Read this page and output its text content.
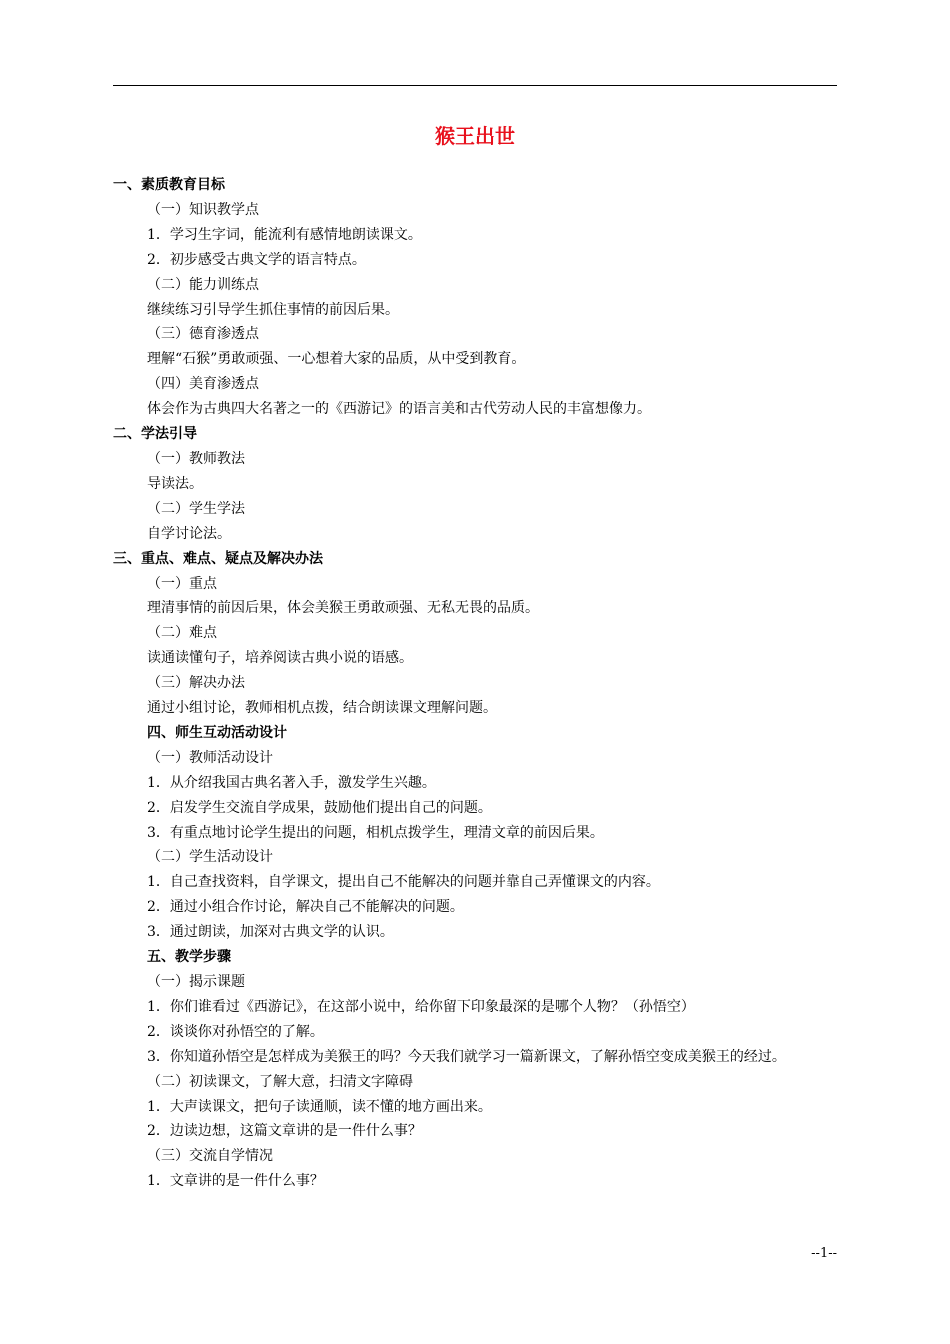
猴王出世
一、素质教育目标
（一）知识教学点
1．学习生字词，能流利有感情地朗读课文。
2．初步感受古典文学的语言特点。
（二）能力训练点
继续练习引导学生抓住事情的前因后果。
（三）德育渗透点
理解“石猴”勇敢顽强、一心想着大家的品质，从中受到教育。
（四）美育渗透点
体会作为古典四大名著之一的《西游记》的语言美和古代劳动人民的丰富想像力。
二、学法引导
（一）教师教法
导读法。
（二）学生学法
自学讨论法。
三、重点、难点、疑点及解决办法
（一）重点
理清事情的前因后果，体会美猴王勇敢顽强、无私无畏的品质。
（二）难点
读通读懂句子，培养阅读古典小说的语感。
（三）解决办法
通过小组讨论，教师相机点拨，结合朗读课文理解问题。
四、师生互动活动设计
（一）教师活动设计
1．从介绍我国古典名著入手，激发学生兴趣。
2．启发学生交流自学成果，鼓励他们提出自己的问题。
3．有重点地讨论学生提出的问题，相机点拨学生，理清文章的前因后果。
（二）学生活动设计
1．自己查找资料，自学课文，提出自己不能解决的问题并靠自己弄懂课文的内容。
2．通过小组合作讨论，解决自己不能解决的问题。
3．通过朗读，加深对古典文学的认识。
五、教学步骤
（一）揭示课题
1．你们谁看过《西游记》，在这部小说中，给你留下印象最深的是哪个人物？（孙悟空）
2．谈谈你对孙悟空的了解。
3．你知道孙悟空是怎样成为美猴王的吗？今天我们就学习一篇新课文，了解孙悟空变成美猴王的经过。
（二）初读课文，了解大意，扫清文字障碍
1．大声读课文，把句子读通顺，读不懂的地方画出来。
2．边读边想，这篇文章讲的是一件什么事？
（三）交流自学情况
1．文章讲的是一件什么事？
--1--
